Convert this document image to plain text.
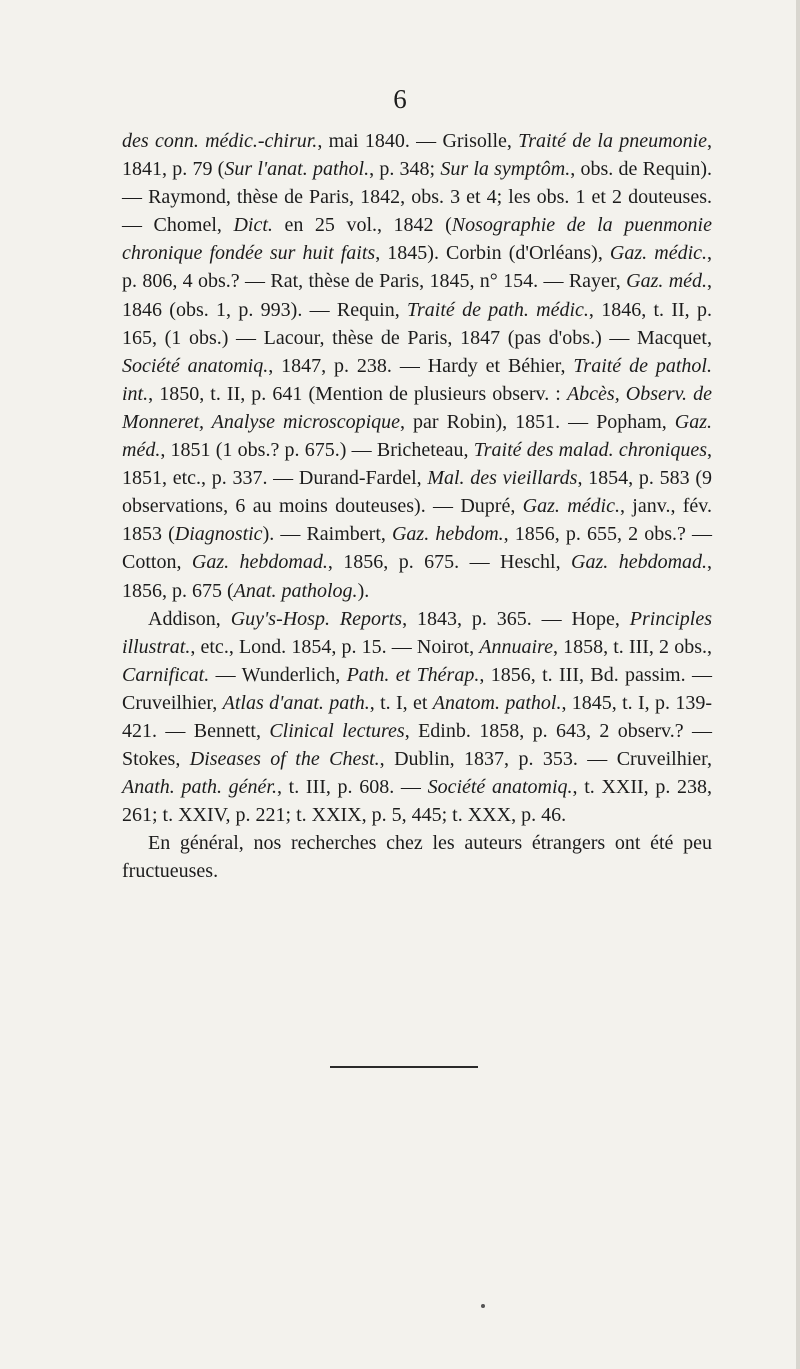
6

des conn. médic.-chirur., mai 1840. — Grisolle, Traité de la pneumonie, 1841, p. 79 (Sur l'anat. pathol., p. 348; Sur la symptôm., obs. de Requin). — Raymond, thèse de Paris, 1842, obs. 3 et 4; les obs. 1 et 2 douteuses. — Chomel, Dict. en 25 vol., 1842 (Nosographie de la puenmonie chronique fondée sur huit faits, 1845). Corbin (d'Orléans), Gaz. médic., p. 806, 4 obs.? — Rat, thèse de Paris, 1845, n° 154. — Rayer, Gaz. méd., 1846 (obs. 1, p. 993). — Requin, Traité de path. médic., 1846, t. II, p. 165, (1 obs.) — Lacour, thèse de Paris, 1847 (pas d'obs.) — Macquet, Société anatomiq., 1847, p. 238. — Hardy et Béhier, Traité de pathol. int., 1850, t. II, p. 641 (Mention de plusieurs observ. : Abcès, Observ. de Monneret, Analyse microscopique, par Robin), 1851. — Popham, Gaz. méd., 1851 (1 obs.? p. 675.) — Bricheteau, Traité des malad. chroniques, 1851, etc., p. 337. — Durand-Fardel, Mal. des vieillards, 1854, p. 583 (9 observations, 6 au moins douteuses). — Dupré, Gaz. médic., janv., fév. 1853 (Diagnostic). — Raimbert, Gaz. hebdom., 1856, p. 655, 2 obs.? — Cotton, Gaz. hebdomad., 1856, p. 675. — Heschl, Gaz. hebdomad., 1856, p. 675 (Anat. patholog.).

Addison, Guy's-Hosp. Reports, 1843, p. 365. — Hope, Principles illustrat., etc., Lond. 1854, p. 15. — Noirot, Annuaire, 1858, t. III, 2 obs., Carnificat. — Wunderlich, Path. et Thérap., 1856, t. III, Bd. passim. — Cruveilhier, Atlas d'anat. path., t. I, et Anatom. pathol., 1845, t. I, p. 139-421. — Bennett, Clinical lectures, Edinb. 1858, p. 643, 2 observ.? — Stokes, Diseases of the Chest., Dublin, 1837, p. 353. — Cruveilhier, Anath. path. génér., t. III, p. 608. — Société anatomiq., t. XXII, p. 238, 261; t. XXIV, p. 221; t. XXIX, p. 5, 445; t. XXX, p. 46.

En général, nos recherches chez les auteurs étrangers ont été peu fructueuses.
